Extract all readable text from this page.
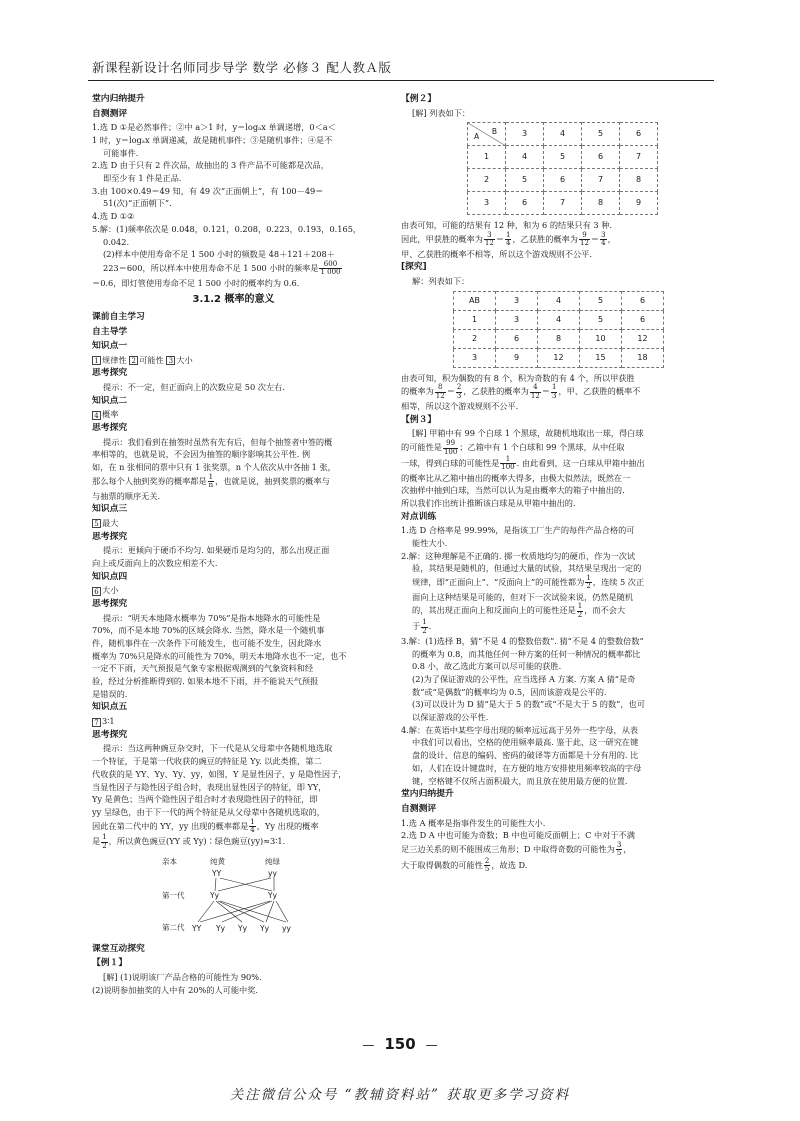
新课程新设计名师同步导学 数学 必修３ 配人教Ａ版
堂内归纳提升
自测测评
1.选 D ①是必然事件；②中 a＞1 时，y＝logₐx 单调递增，0＜a＜
1 时，y＝logₐx 单调递减，故是随机事件；③是随机事件；④是不
可能事件.
2.选 D 由于只有 2 件次品，故抽出的 3 件产品不可能都是次品，
即至少有 1 件是正品.
3.由 100×0.49＝49 知，有 49 次“正面朝上”，有 100－49＝
51(次)“正面朝下”.
4.选 D ①②
5.解：(1)频率依次是 0.048，0.121，0.208，0.223，0.193，0.165，
0.042.
(2)样本中使用寿命不足 1 500 小时的频数是 48＋121＋208＋
223＝600，所以样本中使用寿命不足 1 500 小时的频率是 $\frac{600}{1 000}$
＝0.6，即灯管使用寿命不足 1 500 小时的概率约为 0.6.
3.1.2 概率的意义
课前自主学习
自主导学
知识点一
1 规律性 2 可能性 3 大小
思考探究
提示：不一定，但正面向上的次数应是 50 次左右.
知识点二
4 概率
思考探究
提示：我们看到在抽签时虽然有先有后，但每个抽签者中签的概
率相等的，也就是说，不会因为抽签的顺序影响其公平性. 例
如，在 n 张相同的票中只有 1 张奖票，n 个人依次从中各抽 1 张，
那么每个人抽到奖券的概率都是 $\frac{1}{n}$ ，也就是说，抽到奖票的概率与
与抽票的顺序无关.
知识点三
5 最大
思考探究
提示：更倾向于硬币不均匀. 如果硬币是均匀的，那么出现正面
向上或反面向上的次数应相差不大.
知识点四
6 大小
思考探究
提示：“明天本地降水概率为 70%”是指本地降水的可能性是
70%，而不是本地 70%的区域会降水. 当然，降水是一个随机事
件，随机事件在一次条件下可能发生，也可能不发生，因此降水
概率为 70%只是降水的可能性为 70%，明天本地降水也不一定，也不
一定不下雨，天气预报是气象专家根据观测到的气象资料和经
验，经过分析推断得到的. 如果本地不下雨，并不能说天气预报
是错误的.
知识点五
7 3∶1
思考探究
提示：当这两种豌豆杂交时，下一代是从父母辈中各随机地选取
一个特征，于是第一代收获的豌豆的特征是 Yy. 以此类推，第二
代收获的是 YY、Yy、Yy、yy，如图，Y 是显性因子，y 是隐性因子，
当显性因子与隐性因子组合时，表现出显性因子的特征，即 YY，
Yy 是黄色；当两个隐性因子组合时才表现隐性因子的特征，即
yy 呈绿色，由于下一代的两个特征是从父母辈中各随机选取的，
因此在第二代中的 YY，yy 出现的概率都是 $\frac{1}{4}$ ，Yy 出现的概率
是 $\frac{1}{2}$ ，所以黄色豌豆(YY 或 Yy)∶绿色豌豆(yy)≈3∶1.
亲本	纯黄	纯绿
YY	yy
第一代	Yy	Yy
第二代 YY Yy Yy Yy yy
课堂互动探究
【例１】
[解] (1)说明该厂产品合格的可能性为 90%.
(2)说明参加抽奖的人中有 20%的人可能中奖.
【例２】
[解] 列表如下：
B
A	3	4	5	6
1	4	5	6	7
2	5	6	7	8
3	6	7	8	9
由表可知，可能的结果有 12 种，和为 6 的结果只有 3 种.
因此，甲获胜的概率为 $\frac{3}{12} = \frac{1}{4}$ ，乙获胜的概率为 $\frac{9}{12} = \frac{3}{4}$ ，
甲、乙获胜的概率不相等，所以这个游戏规则不公平.
[探究]
解：列表如下：
AB	3	4	5	6
1	3	4	5	6
2	6	8	10	12
3	9	12	15	18
由表可知，积为偶数的有 8 个，积为奇数的有 4 个，所以甲获胜
的概率为 $\frac{8}{12} = \frac{2}{3}$ ，乙获胜的概率为 $\frac{4}{12} = \frac{1}{3}$ ，甲、乙获胜的概率不
相等，所以这个游戏规则不公平.
【例３】
[解] 甲箱中有 99 个白球 1 个黑球，故随机地取出一球，得白球
的可能性是 $\frac{99}{100}$ ；乙箱中有 1 个白球和 99 个黑球，从中任取
一球，得到白球的可能性是 $\frac{1}{100}$ . 由此看到，这一白球从甲箱中抽出
的概率比从乙箱中抽出的概率大得多，由极大似然法，既然在一
次抽样中抽到白球，当然可以认为是由概率大的箱子中抽出的.
所以我们作出统计推断该白球是从甲箱中抽出的.
对点训练
1.选 D 合格率是 99.99%，是指该工厂生产的每件产品合格的可
能性大小.
2.解：这种理解是不正确的. 掷一枚质地均匀的硬币，作为一次试
验，其结果是随机的，但通过大量的试验，其结果呈现出一定的
规律，即“正面向上”、“反面向上”的可能性都为 $\frac{1}{2}$ ，连续 5 次正
面向上这种结果是可能的，但对下一次试验来说，仍然是随机
的，其出现正面向上和反面向上的可能性还是 $\frac{1}{2}$ ，而不会大
于 $\frac{1}{2}$ .
3.解：(1)选择 B，猜“不是 4 的整数倍数”. 猜“不是 4 的整数倍数”
的概率为 0.8，而其他任何一种方案的任何一种情况的概率都比
0.8 小，故乙选此方案可以尽可能的获胜.
(2)为了保证游戏的公平性，应当选择 A 方案. 方案 A 猜“是奇
数”或“是偶数”的概率均为 0.5，因而该游戏是公平的.
(3)可以设计为 D 猜“是大于 5 的数”或“不是大于 5 的数”，也可
以保证游戏的公平性.
4.解：在英语中某些字母出现的频率远远高于另外一些字母，从表
中我们可以看出，空格的使用频率最高. 鉴于此，这一研究在键
盘的设计、信息的编码、密码的破译等方面都是十分有用的. 比
如，人们在设计键盘时，在方便的地方安排使用频率较高的字母
键，空格键不仅所占面积最大，而且放在使用最方便的位置.
堂内归纳提升
自测测评
1.选 A 概率是指事件发生的可能性大小.
2.选 D A 中也可能为奇数；B 中也可能反面朝上；C 中对于不满
足三边关系的则不能围成三角形；D 中取得奇数的可能性为 $\frac{3}{5}$ ，
大于取得偶数的可能性 $\frac{2}{5}$ ，故选 D.
— 150 —
关注微信公众号 “教辅资料站” 获取更多学习资料
